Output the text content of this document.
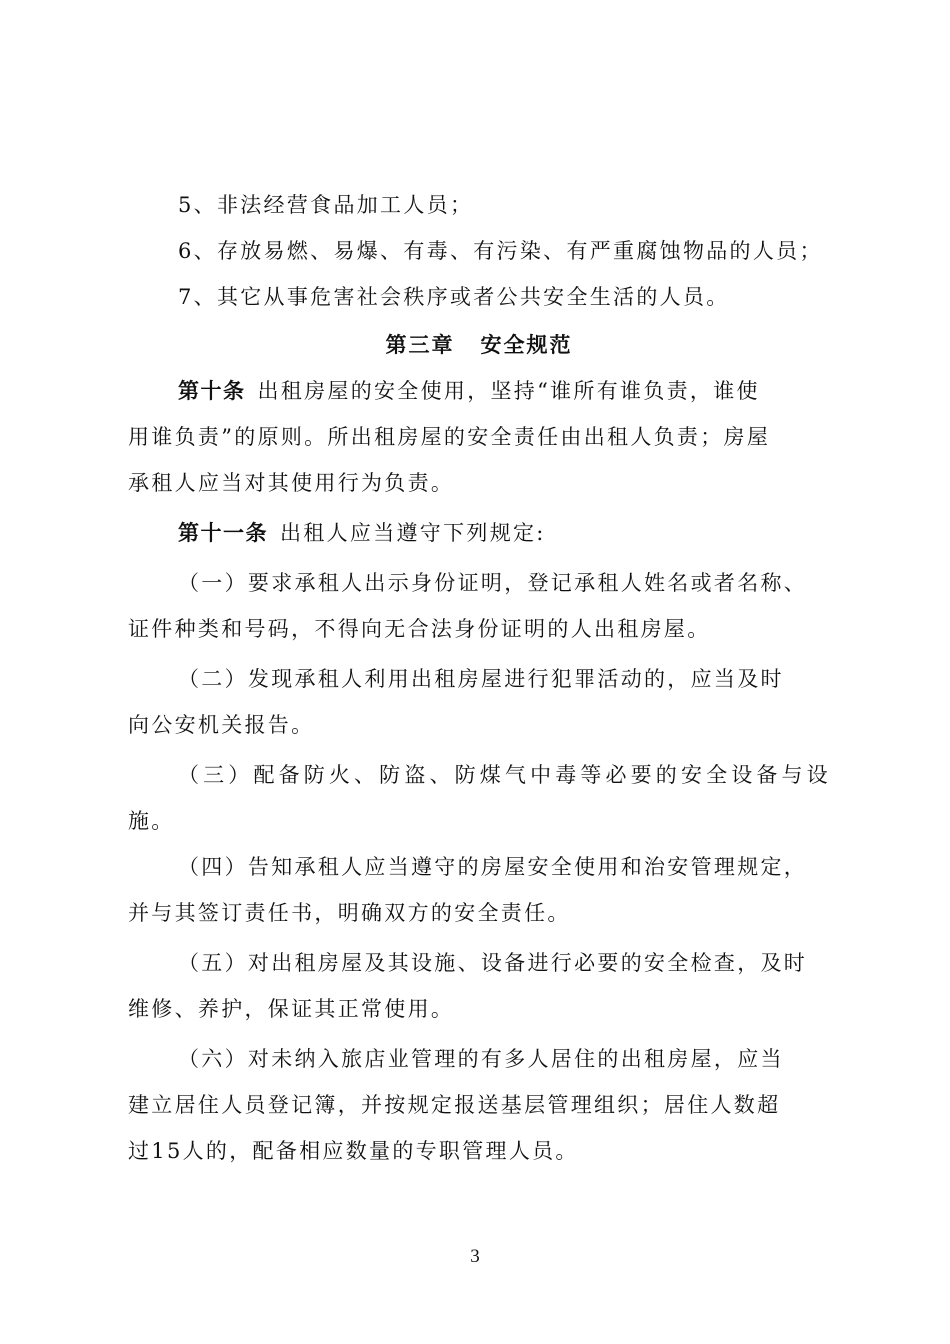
5、非法经营食品加工人员；

6、存放易燃、易爆、有毒、有污染、有严重腐蚀物品的人员；

7、其它从事危害社会秩序或者公共安全生活的人员。

第三章 安全规范

第十条 出租房屋的安全使用，坚持“谁所有谁负责，谁使

用谁负责”的原则。所出租房屋的安全责任由出租人负责；房屋

承租人应当对其使用行为负责。

第十一条 出租人应当遵守下列规定:

（一）要求承租人出示身份证明，登记承租人姓名或者名称、

证件种类和号码，不得向无合法身份证明的人出租房屋。

（二）发现承租人利用出租房屋进行犯罪活动的，应当及时

向公安机关报告。

（三）配备防火、防盗、防煤气中毒等必要的安全设备与设施。

（四）告知承租人应当遵守的房屋安全使用和治安管理规定，

并与其签订责任书，明确双方的安全责任。

（五）对出租房屋及其设施、设备进行必要的安全检查，及时

维修、养护，保证其正常使用。

（六）对未纳入旅店业管理的有多人居住的出租房屋，应当

建立居住人员登记簿，并按规定报送基层管理组织；居住人数超

过15人的，配备相应数量的专职管理人员。

3
